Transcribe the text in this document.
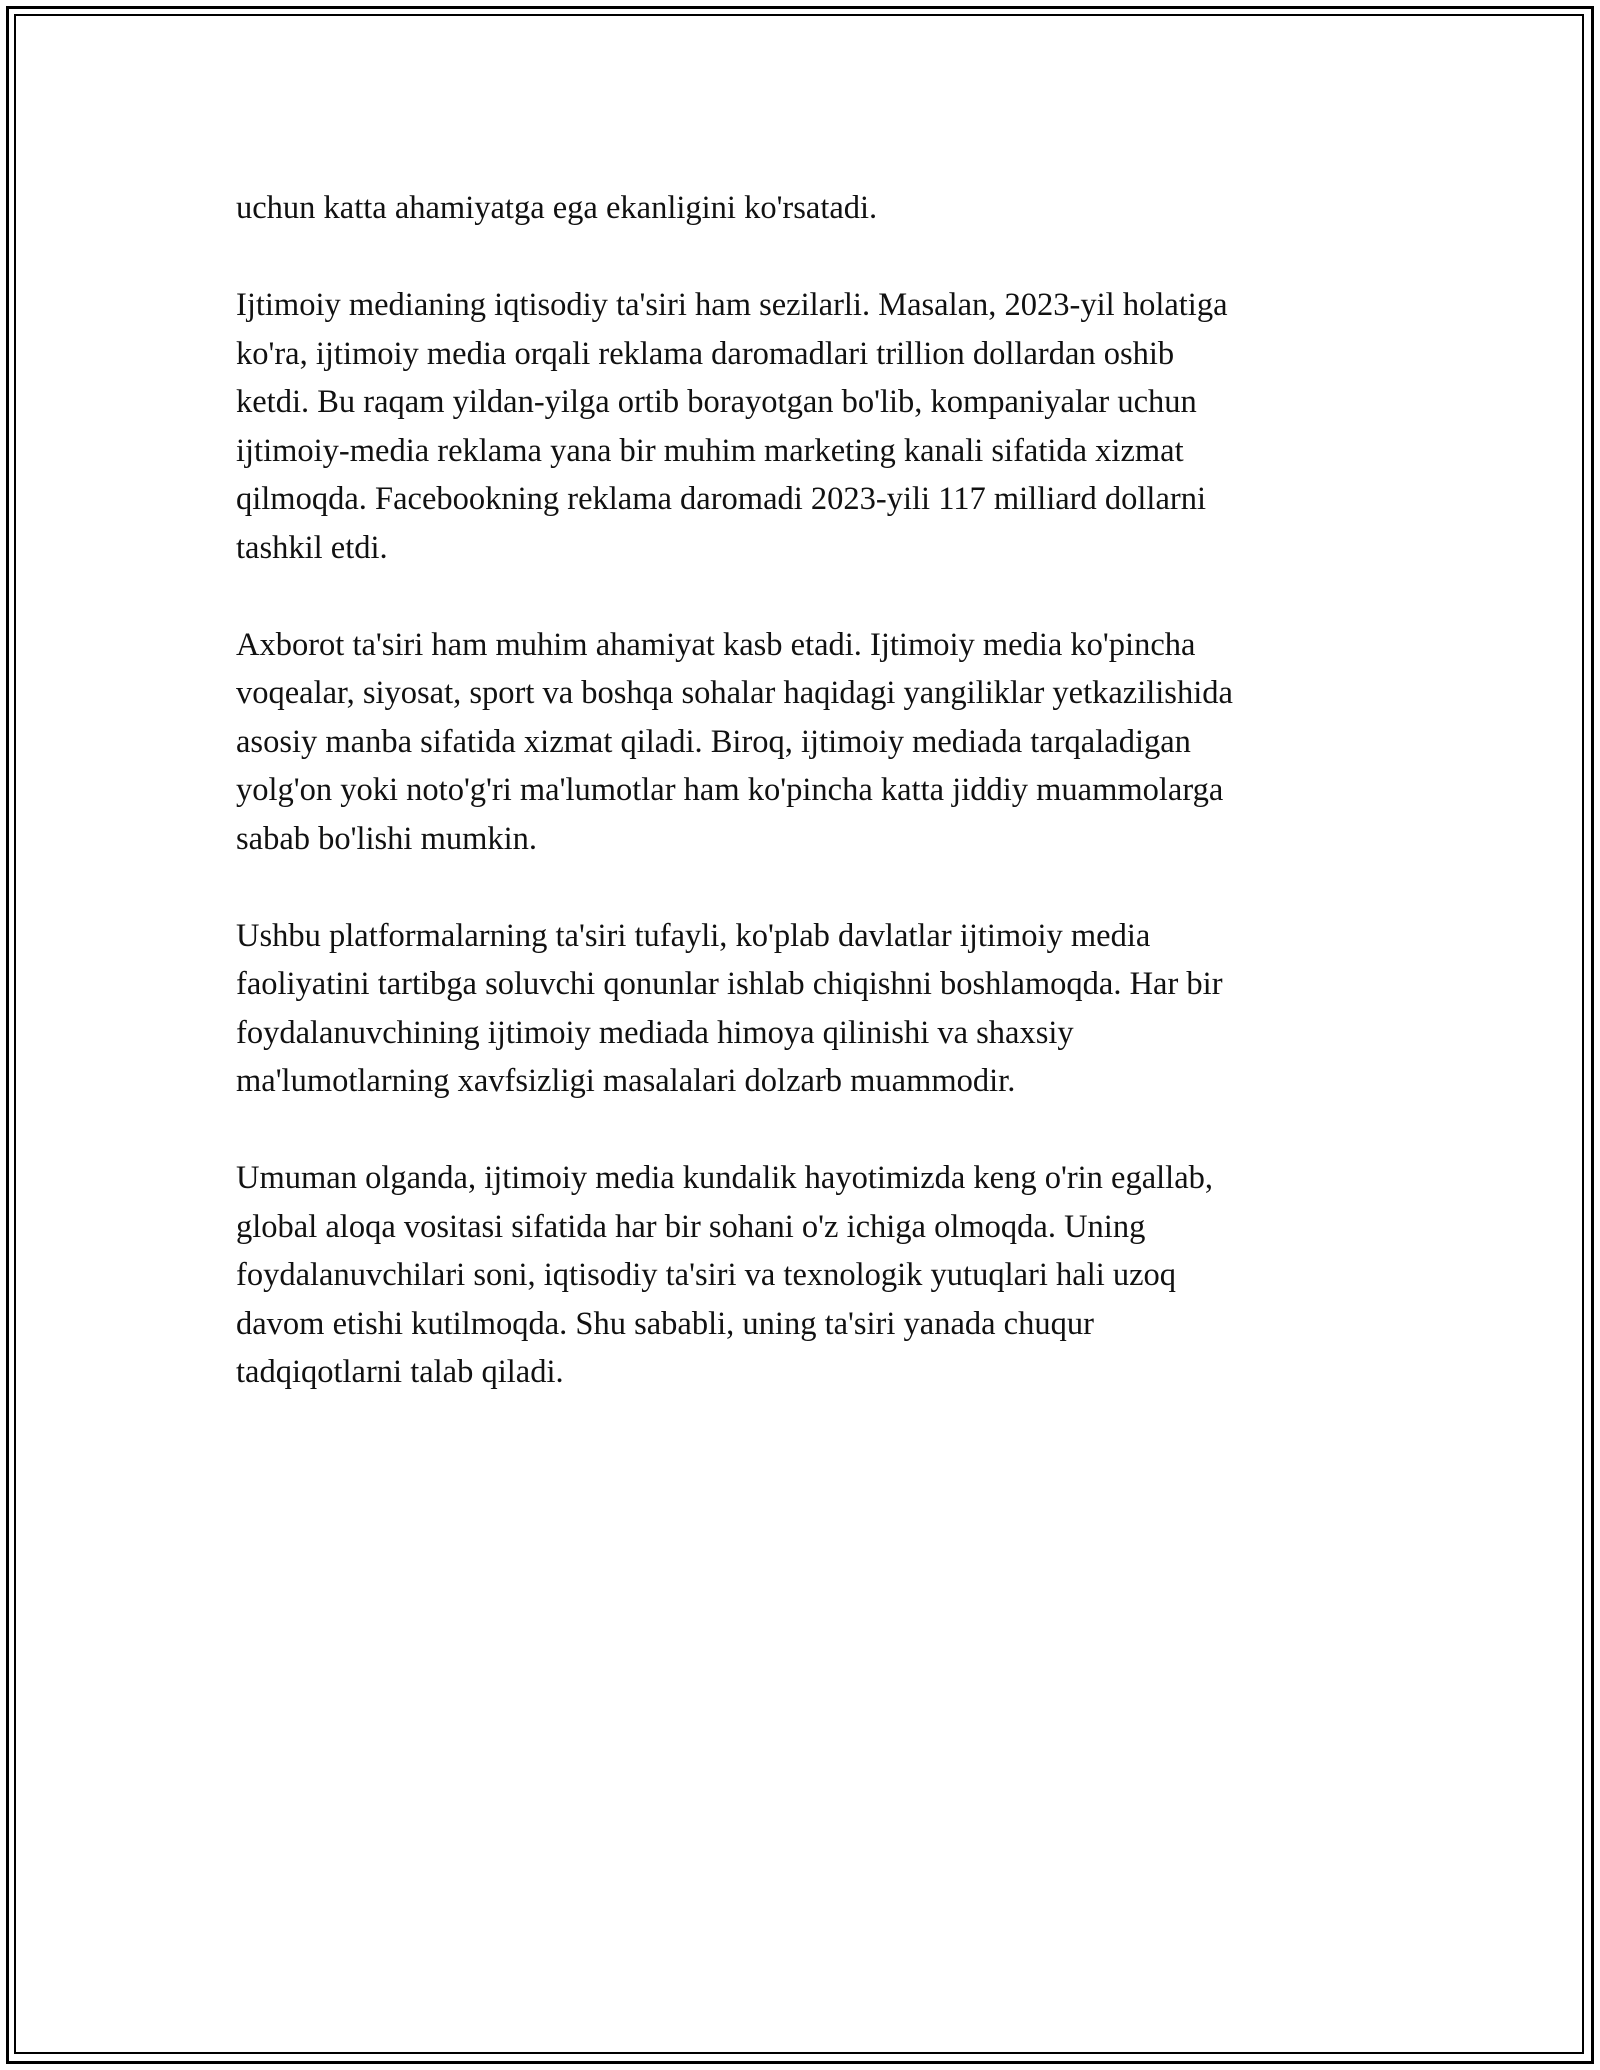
uchun katta ahamiyatga ega ekanligini ko'rsatadi.

Ijtimoiy medianing iqtisodiy ta'siri ham sezilarli. Masalan, 2023-yil holatiga
ko'ra, ijtimoiy media orqali reklama daromadlari trillion dollardan oshib
ketdi. Bu raqam yildan-yilga ortib borayotgan bo'lib, kompaniyalar uchun
ijtimoiy-media reklama yana bir muhim marketing kanali sifatida xizmat
qilmoqda. Facebookning reklama daromadi 2023-yili 117 milliard dollarni
tashkil etdi.

Axborot ta'siri ham muhim ahamiyat kasb etadi. Ijtimoiy media ko'pincha
voqealar, siyosat, sport va boshqa sohalar haqidagi yangiliklar yetkazilishida
asosiy manba sifatida xizmat qiladi. Biroq, ijtimoiy mediada tarqaladigan
yolg'on yoki noto'g'ri ma'lumotlar ham ko'pincha katta jiddiy muammolarga
sabab bo'lishi mumkin.

Ushbu platformalarning ta'siri tufayli, ko'plab davlatlar ijtimoiy media
faoliyatini tartibga soluvchi qonunlar ishlab chiqishni boshlamoqda. Har bir
foydalanuvchining ijtimoiy mediada himoya qilinishi va shaxsiy
ma'lumotlarning xavfsizligi masalalari dolzarb muammodir.

Umuman olganda, ijtimoiy media kundalik hayotimizda keng o'rin egallab,
global aloqa vositasi sifatida har bir sohani o'z ichiga olmoqda. Uning
foydalanuvchilari soni, iqtisodiy ta'siri va texnologik yutuqlari hali uzoq
davom etishi kutilmoqda. Shu sababli, uning ta'siri yanada chuqur
tadqiqotlarni talab qiladi.
